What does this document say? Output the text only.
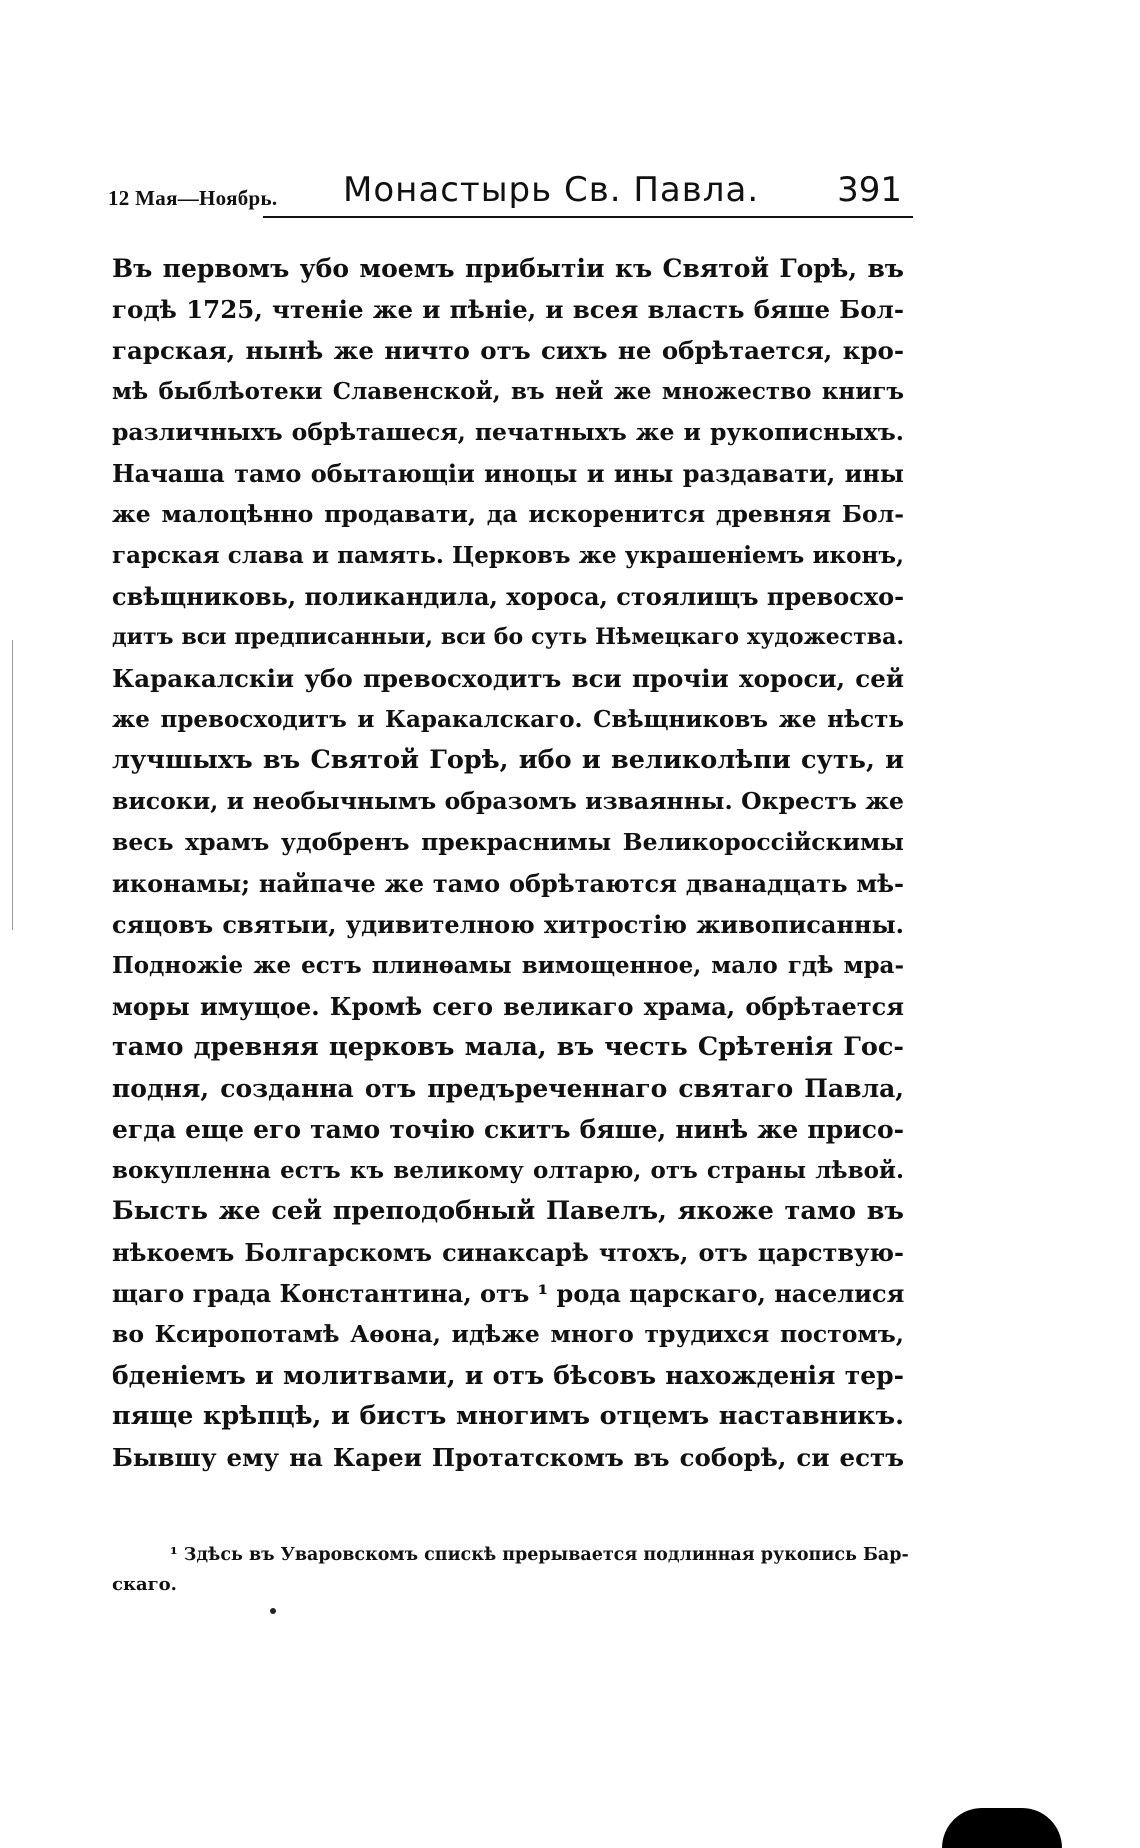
12 Мая—Ноябрь. Монастырь Св. Павла. 391
Въ первомъ убо моемъ прибытіи къ Святой Горѣ, въ
годѣ 1725, чтеніе же и пѣніе, и всея власть бяше Бол-
гарская, нынѣ же ничто отъ сихъ не обрѣтается, кро-
мѣ быблѣотеки Славенской, въ ней же множество книгъ
различныхъ обрѣташеся, печатныхъ же и рукописныхъ.
Начаша тамо обытающіи иноцы и ины раздавати, ины
же малоцѣнно продавати, да искоренится древняя Бол-
гарская слава и память. Церковъ же украшеніемъ иконъ,
свѣщниковь, поликандила, хороса, стоялищъ превосхо-
дитъ вси предписанныи, вси бо суть Нѣмецкаго художества.
Каракалскіи убо превосходитъ вси прочіи хороси, сей
же превосходитъ и Каракалскаго. Свѣщниковъ же нѣсть
лучшыхъ въ Святой Горѣ, ибо и великолѣпи суть, и
високи, и необычнымъ образомъ изваянны. Окрестъ же
весь храмъ удобренъ прекраснимы Великороссійскимы
иконамы; найпаче же тамо обрѣтаются дванадцать мѣ-
сяцовъ святыи, удивителною хитростію живописанны.
Подножіе же естъ плинѳамы вимощенное, мало гдѣ мра-
моры имущое. Кромѣ сего великаго храма, обрѣтается
тамо древняя церковъ мала, въ честь Срѣтенія Гос-
подня, созданна отъ предъреченнаго святаго Павла,
егда еще его тамо точію скитъ бяше, нинѣ же присо-
вокупленна естъ къ великому олтарю, отъ страны лѣвой.
Бысть же сей преподобный Павелъ, якоже тамо въ
нѣкоемъ Болгарскомъ синаксарѣ чтохъ, отъ царствую-
щаго града Константина, отъ ¹ рода царскаго, населися
во Ксиропотамѣ Аѳона, идѣже много трудихся постомъ,
бденіемъ и молитвами, и отъ бѣсовъ нахожденія тер-
пяще крѣпцѣ, и бистъ многимъ отцемъ наставникъ.
Бывшу ему на Кареи Протатскомъ въ соборѣ, си естъ
¹ Здѣсь въ Уваровскомъ спискѣ прерывается подлинная рукопись Бар-
скаго.
